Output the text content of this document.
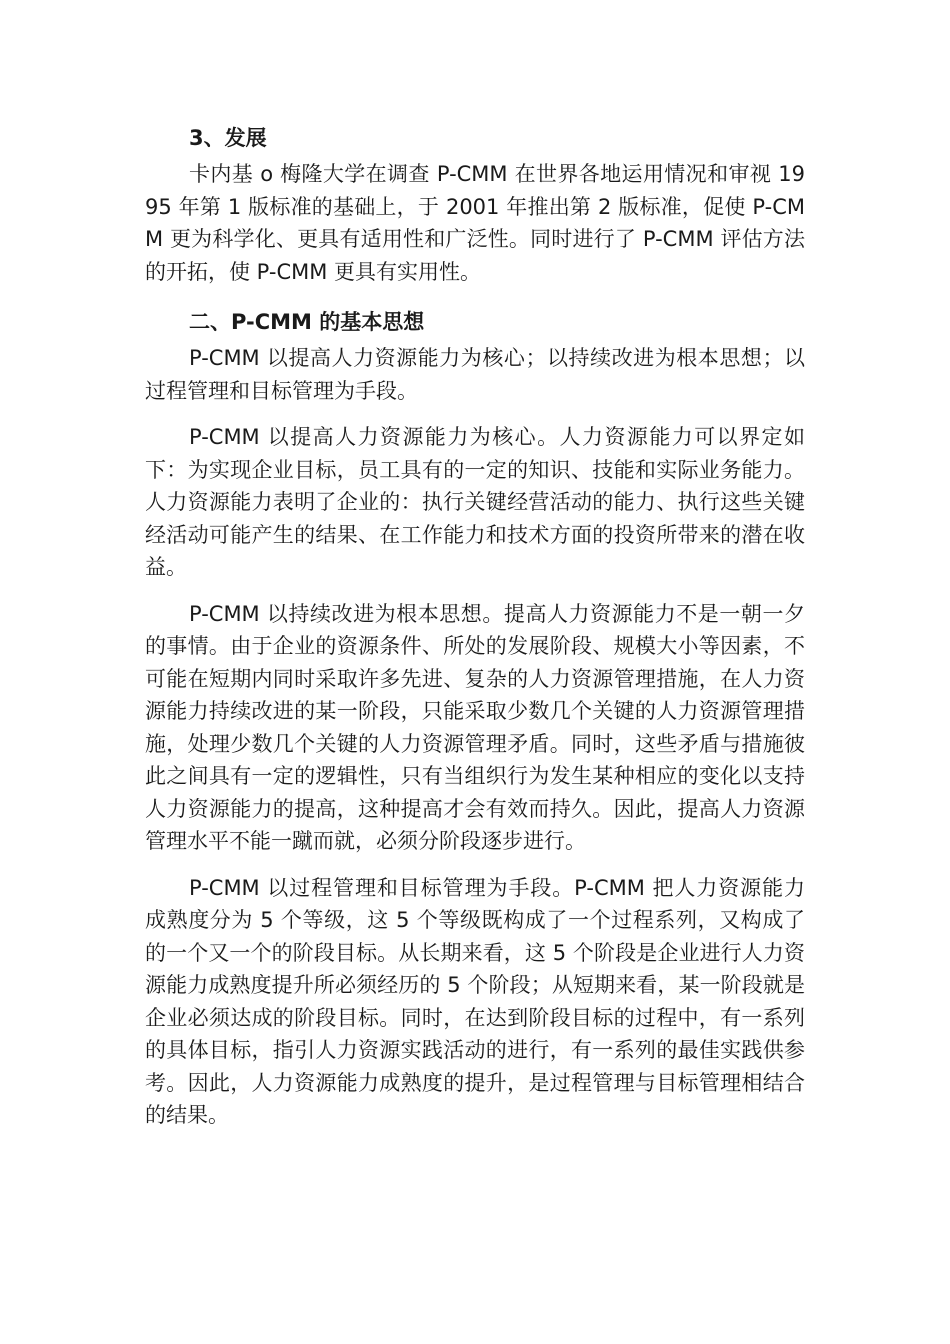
3、发展

卡内基 o 梅隆大学在调查 P-CMM 在世界各地运用情况和审视 1995 年第 1 版标准的基础上，于 2001 年推出第 2 版标准，促使 P-CMM 更为科学化、更具有适用性和广泛性。同时进行了 P-CMM 评估方法的开拓，使 P-CMM 更具有实用性。

二、P-CMM 的基本思想

P-CMM 以提高人力资源能力为核心；以持续改进为根本思想；以过程管理和目标管理为手段。

P-CMM 以提高人力资源能力为核心。人力资源能力可以界定如下：为实现企业目标，员工具有的一定的知识、技能和实际业务能力。人力资源能力表明了企业的：执行关键经营活动的能力、执行这些关键经活动可能产生的结果、在工作能力和技术方面的投资所带来的潜在收益。

P-CMM 以持续改进为根本思想。提高人力资源能力不是一朝一夕的事情。由于企业的资源条件、所处的发展阶段、规模大小等因素，不可能在短期内同时采取许多先进、复杂的人力资源管理措施，在人力资源能力持续改进的某一阶段，只能采取少数几个关键的人力资源管理措施，处理少数几个关键的人力资源管理矛盾。同时，这些矛盾与措施彼此之间具有一定的逻辑性，只有当组织行为发生某种相应的变化以支持人力资源能力的提高，这种提高才会有效而持久。因此，提高人力资源管理水平不能一蹴而就，必须分阶段逐步进行。

P-CMM 以过程管理和目标管理为手段。P-CMM 把人力资源能力成熟度分为 5 个等级，这 5 个等级既构成了一个过程系列，又构成了的一个又一个的阶段目标。从长期来看，这 5 个阶段是企业进行人力资源能力成熟度提升所必须经历的 5 个阶段；从短期来看，某一阶段就是企业必须达成的阶段目标。同时，在达到阶段目标的过程中，有一系列的具体目标，指引人力资源实践活动的进行，有一系列的最佳实践供参考。因此，人力资源能力成熟度的提升，是过程管理与目标管理相结合的结果。
